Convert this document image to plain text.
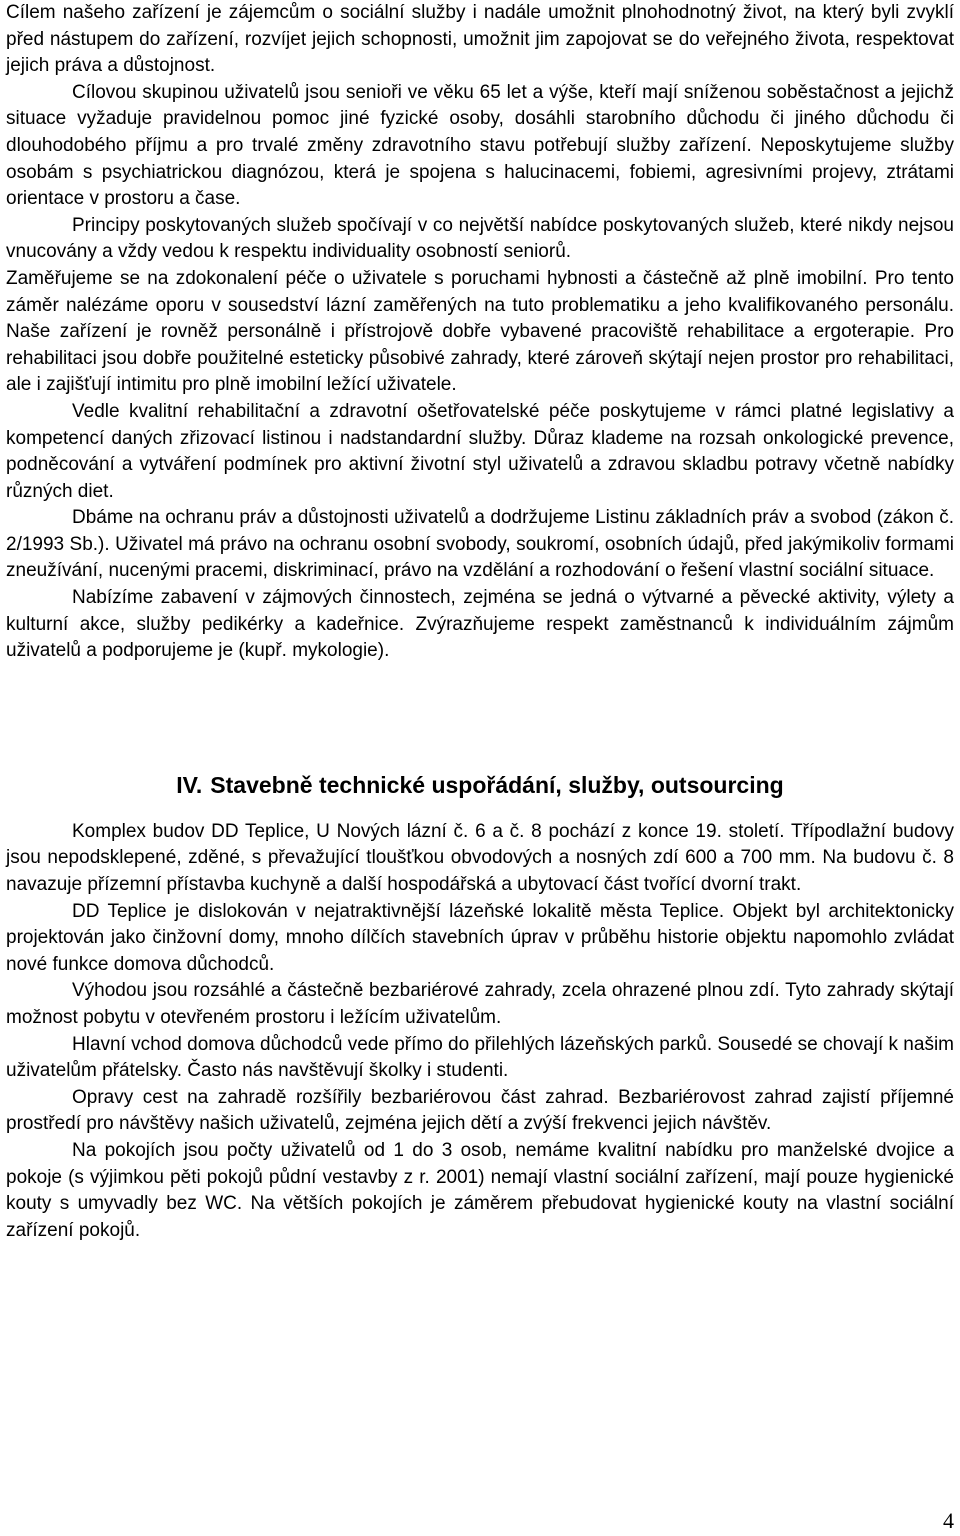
Cílem našeho zařízení je zájemcům o sociální služby i nadále umožnit plnohodnotný život, na který byli zvyklí před nástupem do zařízení, rozvíjet jejich schopnosti, umožnit jim zapojovat se do veřejného života, respektovat jejich práva a důstojnost.

Cílovou skupinou uživatelů jsou senioři ve věku 65 let a výše, kteří mají sníženou soběstačnost a jejichž situace vyžaduje pravidelnou pomoc jiné fyzické osoby, dosáhli starobního důchodu či jiného důchodu či dlouhodobého příjmu a pro trvalé změny zdravotního stavu potřebují služby zařízení. Neposkytujeme služby osobám s psychiatrickou diagnózou, která je spojena s halucinacemi, fobiemi, agresivními projevy, ztrátami orientace v prostoru a čase.

Principy poskytovaných služeb spočívají v co největší nabídce poskytovaných služeb, které nikdy nejsou vnucovány a vždy vedou k respektu individuality osobností seniorů.

Zaměřujeme se na zdokonalení péče o uživatele s poruchami hybnosti a částečně až plně imobilní. Pro tento záměr nalézáme oporu v sousedství lázní zaměřených na tuto problematiku a jeho kvalifikovaného personálu. Naše zařízení je rovněž personálně i přístrojově dobře vybavené pracoviště rehabilitace a ergoterapie. Pro rehabilitaci jsou dobře použitelné esteticky působivé zahrady, které zároveň skýtají nejen prostor pro rehabilitaci, ale i zajišťují intimitu pro plně imobilní ležící uživatele.

Vedle kvalitní rehabilitační a zdravotní ošetřovatelské péče poskytujeme v rámci platné legislativy a kompetencí daných zřizovací listinou i nadstandardní služby. Důraz klademe na rozsah onkologické prevence, podněcování a vytváření podmínek pro aktivní životní styl uživatelů a zdravou skladbu potravy včetně nabídky různých diet.

Dbáme na ochranu práv a důstojnosti uživatelů a dodržujeme Listinu základních práv a svobod (zákon č. 2/1993 Sb.). Uživatel má právo na ochranu osobní svobody, soukromí, osobních údajů, před jakýmikoliv formami zneužívání, nucenými pracemi, diskriminací, právo na vzdělání a rozhodování o řešení vlastní sociální situace.

Nabízíme zabavení v zájmových činnostech, zejména se jedná o výtvarné a pěvecké aktivity, výlety a kulturní akce, služby pedikérky a kadeřnice. Zvýrazňujeme respekt zaměstnanců k individuálním zájmům uživatelů a podporujeme je (kupř. mykologie).

IV. Stavebně technické uspořádání, služby, outsourcing

Komplex budov DD Teplice, U Nových lázní č. 6 a č. 8 pochází z konce 19. století. Třípodlažní budovy jsou nepodsklepené, zděné, s převažující tloušťkou obvodových a nosných zdí 600 a 700 mm. Na budovu č. 8 navazuje přízemní přístavba kuchyně a další hospodářská a ubytovací část tvořící dvorní trakt.

DD Teplice je dislokován v nejatraktivnější lázeňské lokalitě města Teplice. Objekt byl architektonicky projektován jako činžovní domy, mnoho dílčích stavebních úprav v průběhu historie objektu napomohlo zvládat nové funkce domova důchodců.

Výhodou jsou rozsáhlé a částečně bezbariérové zahrady, zcela ohrazené plnou zdí. Tyto zahrady skýtají možnost pobytu v otevřeném prostoru i ležícím uživatelům.

Hlavní vchod domova důchodců vede přímo do přilehlých lázeňských parků. Sousedé se chovají k našim uživatelům přátelsky. Často nás navštěvují školky i studenti.

Opravy cest na zahradě rozšířily bezbariérovou část zahrad. Bezbariérovost zahrad zajistí příjemné prostředí pro návštěvy našich uživatelů, zejména jejich dětí a zvýší frekvenci jejich návštěv.

Na pokojích jsou počty uživatelů od 1 do 3 osob, nemáme kvalitní nabídku pro manželské dvojice a pokoje (s výjimkou pěti pokojů půdní vestavby z r. 2001) nemají vlastní sociální zařízení, mají pouze hygienické kouty s umyvadly bez WC. Na větších pokojích je záměrem přebudovat hygienické kouty na vlastní sociální zařízení pokojů.

4
